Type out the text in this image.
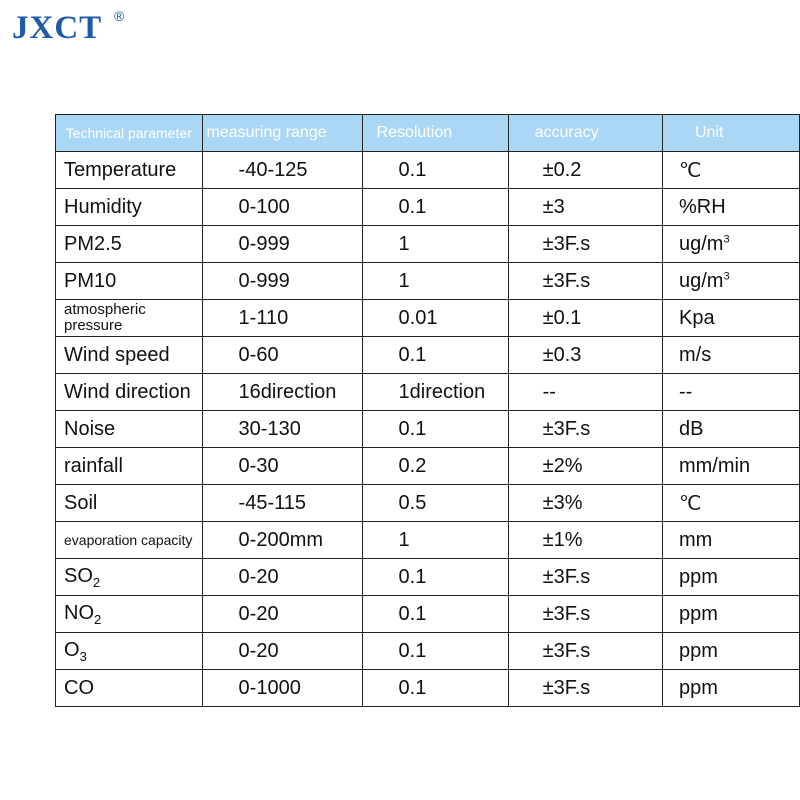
JXCT ®
Technical parameter	measuring range	Resolution	accuracy	Unit
Temperature	-40-125	0.1	±0.2	℃
Humidity	0-100	0.1	±3	%RH
PM2.5	0-999	1	±3F.s	$ug/m^3$
PM10	0-999	1	±3F.s	$ug/m^3$
atmospheric pressure	1-110	0.01	±0.1	Kpa
Wind speed	0-60	0.1	±0.3	m/s
Wind direction	16direction	1direction	--	--
Noise	30-130	0.1	±3F.s	dB
rainfall	0-30	0.2	±2%	mm/min
Soil	-45-115	0.5	±3%	℃
evaporation capacity	0-200mm	1	±1%	mm
$SO_2$	0-20	0.1	±3F.s	ppm
$NO_2$	0-20	0.1	±3F.s	ppm
$O_3$	0-20	0.1	±3F.s	ppm
CO	0-1000	0.1	±3F.s	ppm
